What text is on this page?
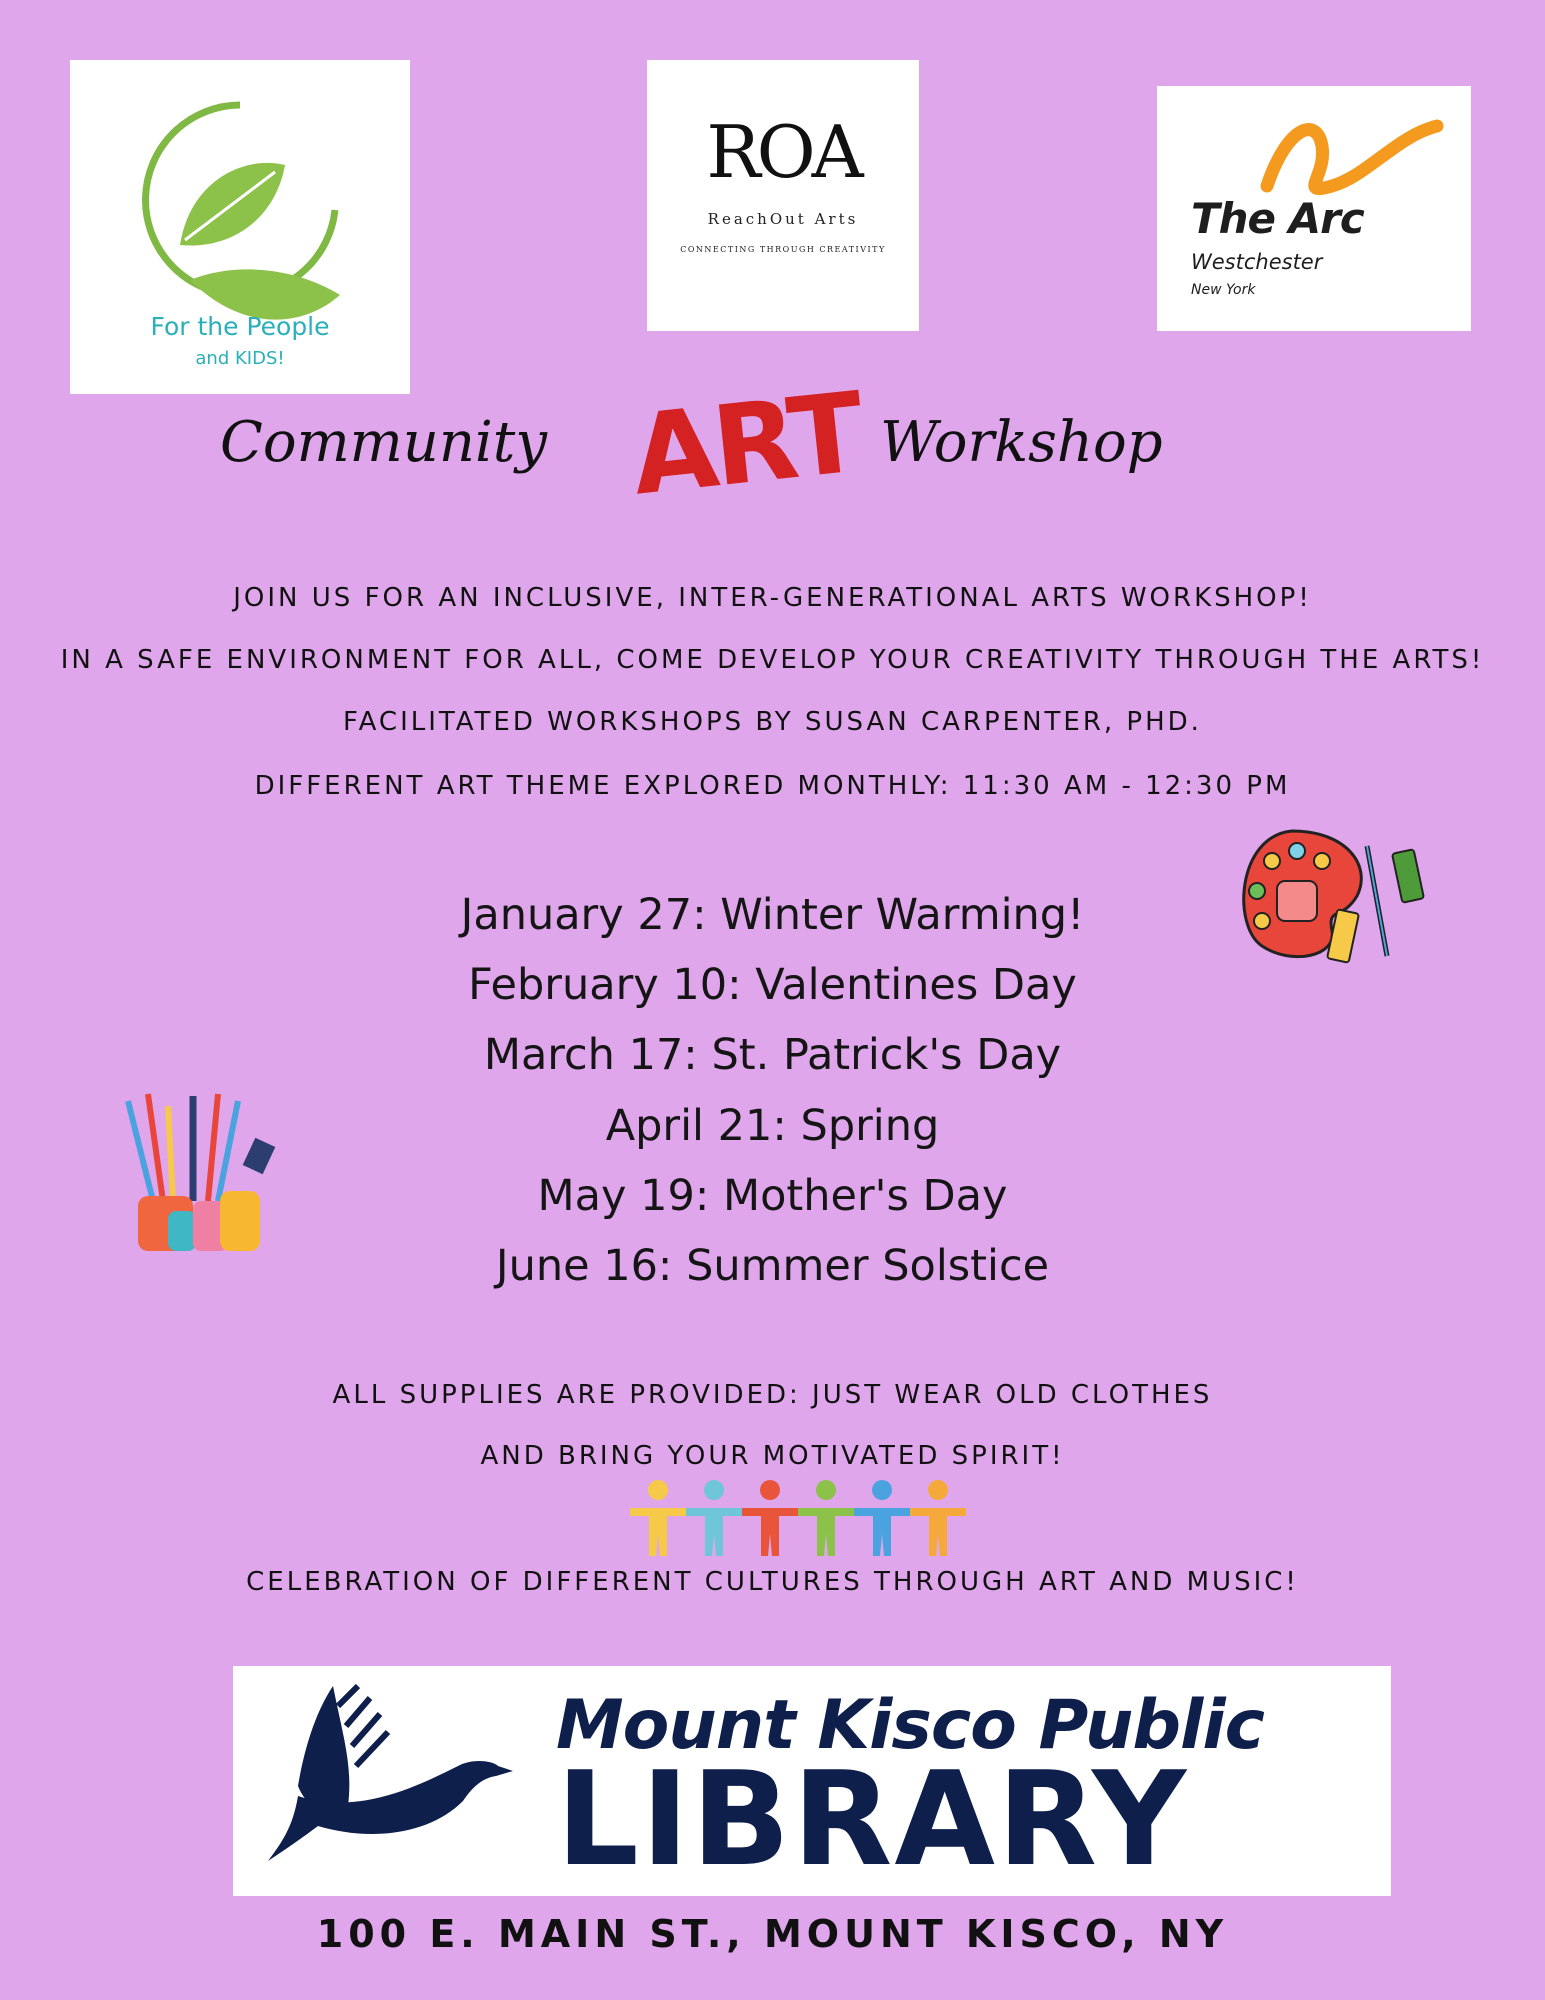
For the People
and KIDS!
ROA
ReachOut Arts
CONNECTING THROUGH CREATIVITY
The Arc
Westchester
New York
Community ART Workshop
JOIN US FOR AN INCLUSIVE, INTER-GENERATIONAL ARTS WORKSHOP!
IN A SAFE ENVIRONMENT FOR ALL, COME DEVELOP YOUR CREATIVITY THROUGH THE ARTS!
FACILITATED WORKSHOPS BY SUSAN CARPENTER, PHD.
DIFFERENT ART THEME EXPLORED MONTHLY: 11:30 AM - 12:30 PM
January 27: Winter Warming!
February 10: Valentines Day
March 17: St. Patrick's Day
April 21: Spring
May 19: Mother's Day
June 16: Summer Solstice
ALL SUPPLIES ARE PROVIDED: JUST WEAR OLD CLOTHES
AND BRING YOUR MOTIVATED SPIRIT!
CELEBRATION OF DIFFERENT CULTURES THROUGH ART AND MUSIC!
Mount Kisco Public
LIBRARY
100 E. MAIN ST., MOUNT KISCO, NY
